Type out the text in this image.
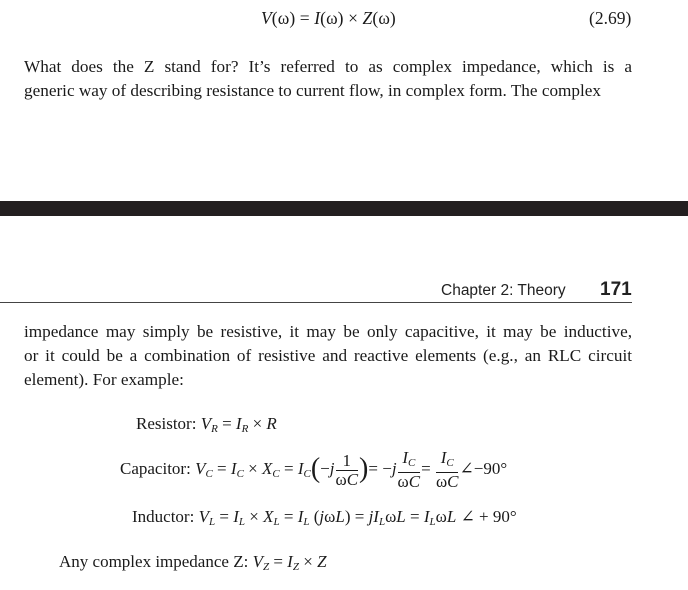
V(ω) = I(ω) × Z(ω)	(2.69)
What does the Z stand for? It’s referred to as complex impedance, which is a
generic way of describing resistance to current flow, in complex form. The complex
Chapter 2: Theory 171
impedance may simply be resistive, it may be only capacitive, it may be inductive,
or it could be a combination of resistive and reactive elements (e.g., an RLC circuit
element). For example:
Resistor: $V_R = I_R \times R$
Capacitor: $V_C = I_C \times X_C = I_C(-j \frac{1}{\omega C}$ )= $-j \frac{I_C}{\omega C} = \frac{I_C}{\omega C}$ ∠−90°
Inductor: $V_L = I_L \times X_L = I_L$ $(j\omega L) = jI_L\omega L = I_L\omega L$ ∠ + 90°
Any complex impedance Z: $V_Z = I_Z \times Z$
